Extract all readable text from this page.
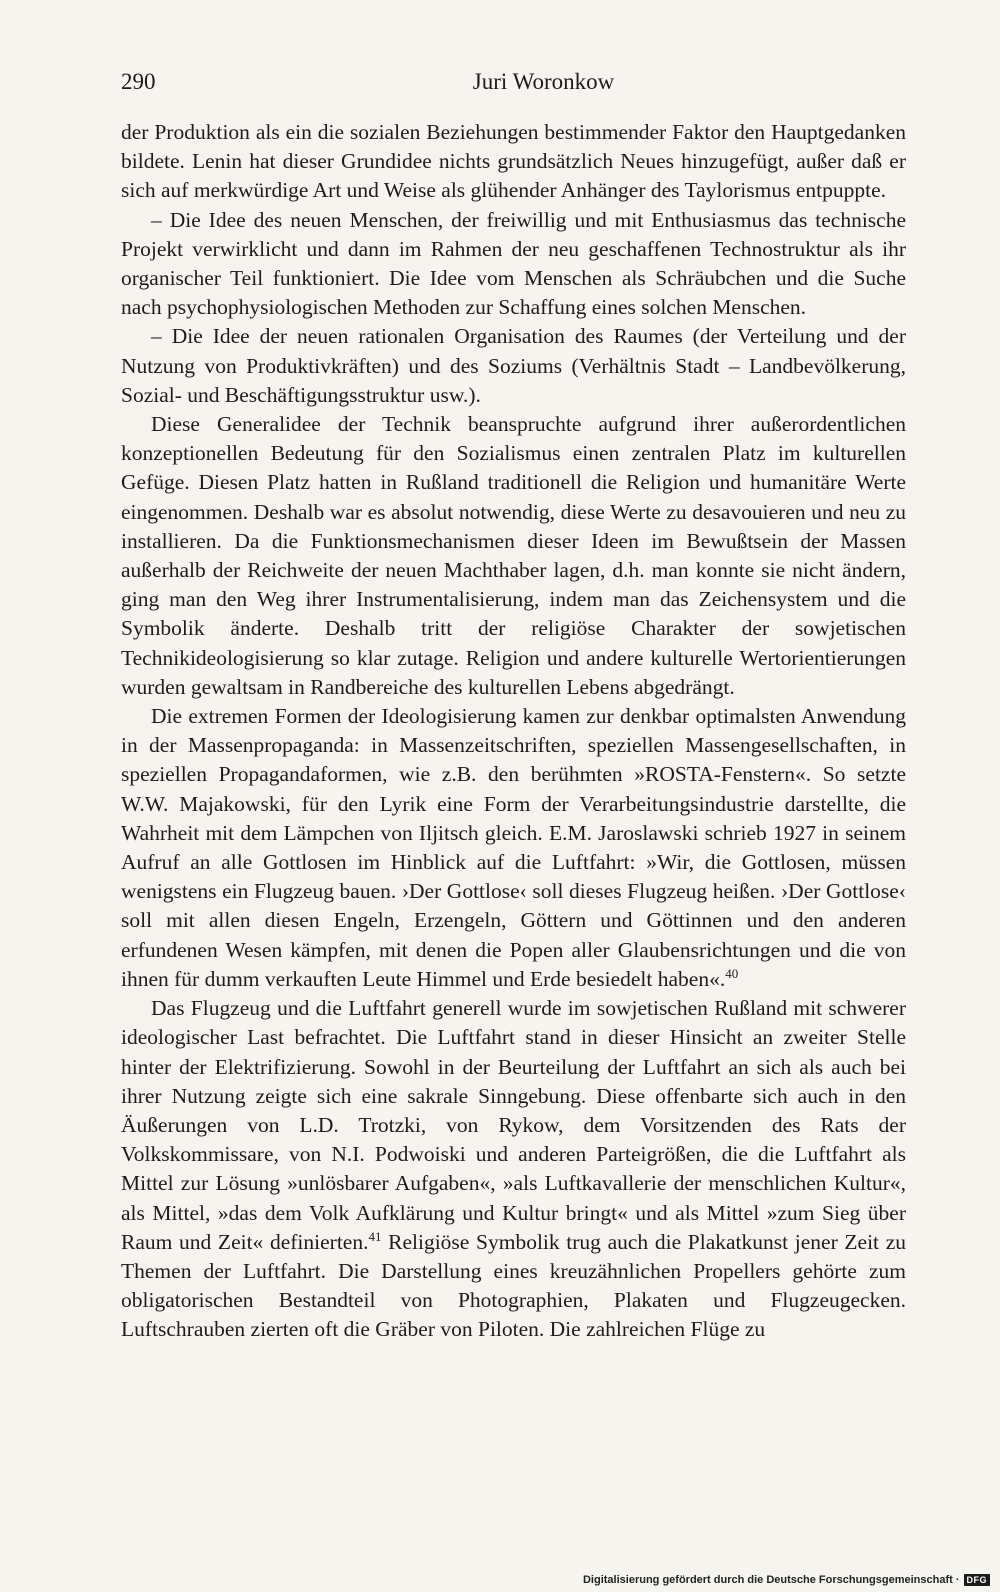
290	Juri Woronkow

der Produktion als ein die sozialen Beziehungen bestimmender Faktor den Hauptgedanken bildete. Lenin hat dieser Grundidee nichts grundsätzlich Neues hinzugefügt, außer daß er sich auf merkwürdige Art und Weise als glühender Anhänger des Taylorismus entpuppte.

– Die Idee des neuen Menschen, der freiwillig und mit Enthusiasmus das technische Projekt verwirklicht und dann im Rahmen der neu geschaffenen Technostruktur als ihr organischer Teil funktioniert. Die Idee vom Menschen als Schräubchen und die Suche nach psychophysiologischen Methoden zur Schaffung eines solchen Menschen.

– Die Idee der neuen rationalen Organisation des Raumes (der Verteilung und der Nutzung von Produktivkräften) und des Soziums (Verhältnis Stadt – Landbevölkerung, Sozial- und Beschäftigungsstruktur usw.).

Diese Generalidee der Technik beanspruchte aufgrund ihrer außerordentlichen konzeptionellen Bedeutung für den Sozialismus einen zentralen Platz im kulturellen Gefüge. Diesen Platz hatten in Rußland traditionell die Religion und humanitäre Werte eingenommen. Deshalb war es absolut notwendig, diese Werte zu desavouieren und neu zu installieren. Da die Funktionsmechanismen dieser Ideen im Bewußtsein der Massen außerhalb der Reichweite der neuen Machthaber lagen, d.h. man konnte sie nicht ändern, ging man den Weg ihrer Instrumentalisierung, indem man das Zeichensystem und die Symbolik änderte. Deshalb tritt der religiöse Charakter der sowjetischen Technikideologisierung so klar zutage. Religion und andere kulturelle Wertorientierungen wurden gewaltsam in Randbereiche des kulturellen Lebens abgedrängt.

Die extremen Formen der Ideologisierung kamen zur denkbar optimalsten Anwendung in der Massenpropaganda: in Massenzeitschriften, speziellen Massengesellschaften, in speziellen Propagandaformen, wie z.B. den berühmten »ROSTA-Fenstern«. So setzte W.W. Majakowski, für den Lyrik eine Form der Verarbeitungsindustrie darstellte, die Wahrheit mit dem Lämpchen von Iljitsch gleich. E.M. Jaroslawski schrieb 1927 in seinem Aufruf an alle Gottlosen im Hinblick auf die Luftfahrt: »Wir, die Gottlosen, müssen wenigstens ein Flugzeug bauen. ›Der Gottlose‹ soll dieses Flugzeug heißen. ›Der Gottlose‹ soll mit allen diesen Engeln, Erzengeln, Göttern und Göttinnen und den anderen erfundenen Wesen kämpfen, mit denen die Popen aller Glaubensrichtungen und die von ihnen für dumm verkauften Leute Himmel und Erde besiedelt haben«.$^{40}$

Das Flugzeug und die Luftfahrt generell wurde im sowjetischen Rußland mit schwerer ideologischer Last befrachtet. Die Luftfahrt stand in dieser Hinsicht an zweiter Stelle hinter der Elektrifizierung. Sowohl in der Beurteilung der Luftfahrt an sich als auch bei ihrer Nutzung zeigte sich eine sakrale Sinngebung. Diese offenbarte sich auch in den Äußerungen von L.D. Trotzki, von Rykow, dem Vorsitzenden des Rats der Volkskommissare, von N.I. Podwoiski und anderen Parteigrößen, die die Luftfahrt als Mittel zur Lösung »unlösbarer Aufgaben«, »als Luftkavallerie der menschlichen Kultur«, als Mittel, »das dem Volk Aufklärung und Kultur bringt« und als Mittel »zum Sieg über Raum und Zeit« definierten.$^{41}$ Religiöse Symbolik trug auch die Plakatkunst jener Zeit zu Themen der Luftfahrt. Die Darstellung eines kreuzähnlichen Propellers gehörte zum obligatorischen Bestandteil von Photographien, Plakaten und Flugzeugecken. Luftschrauben zierten oft die Gräber von Piloten. Die zahlreichen Flüge zu

Digitalisierung gefördert durch die Deutsche Forschungsgemeinschaft · DFG
